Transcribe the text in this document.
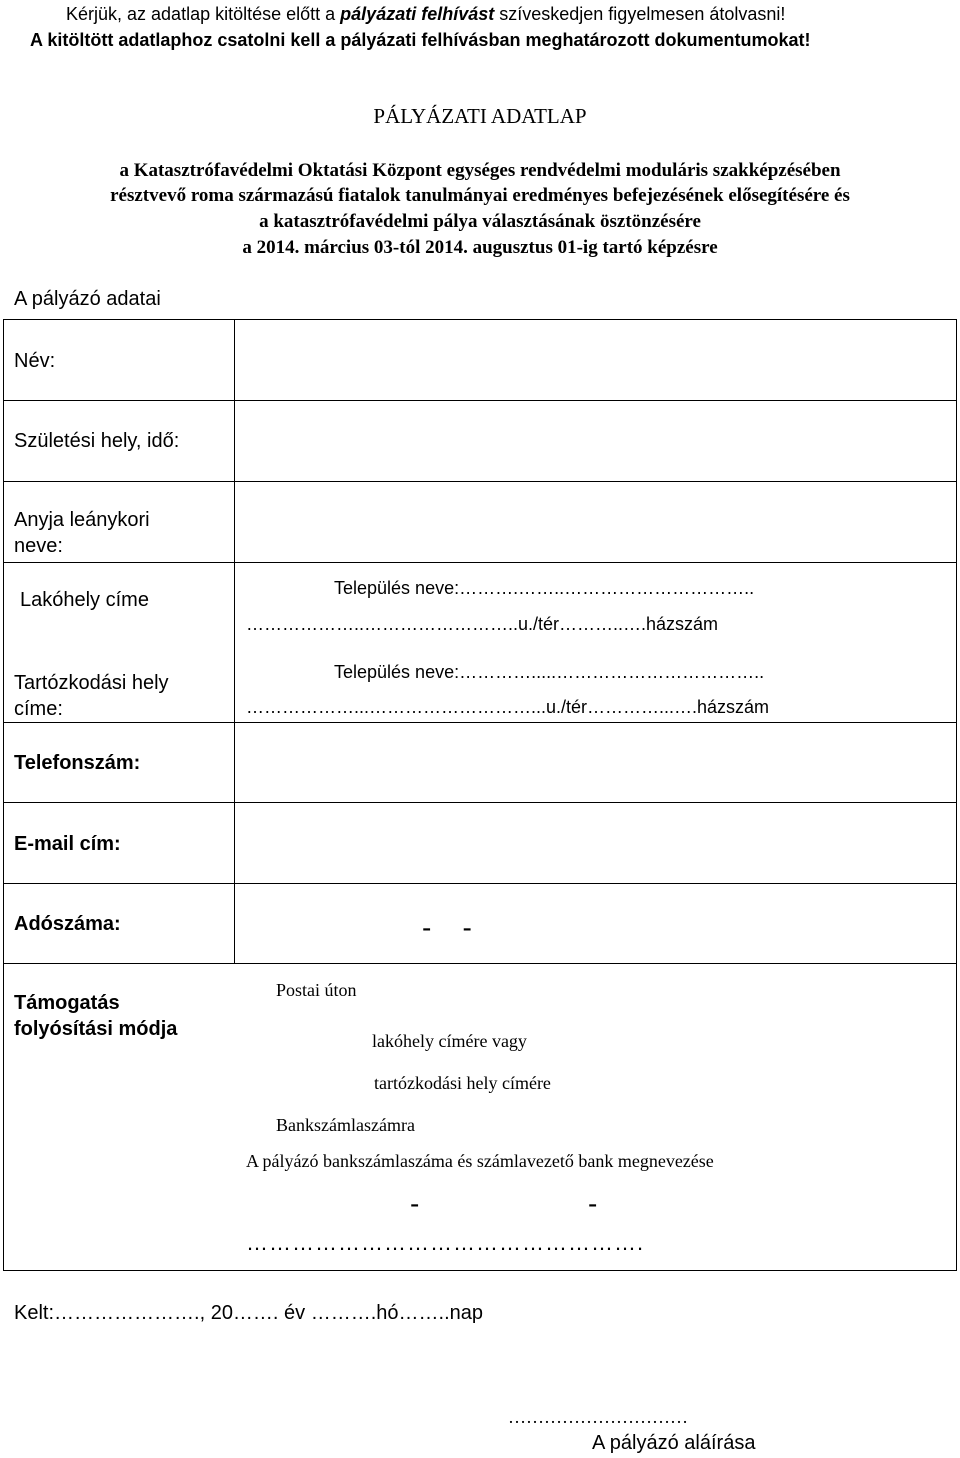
Kérjük, az adatlap kitöltése előtt a pályázati felhívást szíveskedjen figyelmesen átolvasni!
A kitöltött adatlaphoz csatolni kell a pályázati felhívásban meghatározott dokumentumokat!
PÁLYÁZATI ADATLAP
a Katasztrófavédelmi Oktatási Központ egységes rendvédelmi moduláris szakképzésében
résztvevő roma származású fiatalok tanulmányai eredményes befejezésének elősegítésére és
a katasztrófavédelmi pálya választásának ösztönzésére
a 2014. március 03-tól 2014. augusztus 01-ig tartó képzésre
A pályázó adatai
Név:
Születési hely, idő:
Anyja leánykori
neve:
Lakóhely címe
Település neve:……….……..…………………………..
………………..……………………..u./tér………..….házszám
Tartózkodási hely
címe:
Település neve:………….....……………………………..
………………...………………………...u./tér…………...….házszám
Telefonszám:
E-mail cím:
Adószáma:	-    -
Támogatás
folyósítási módja
Postai úton
lakóhely címére vagy
tartózkodási hely címére
Bankszámlaszámra
A pályázó bankszámlaszáma és számlavezető bank megnevezése
-	-
…………………………………………….
Kelt:…………………., 20……. év ……….hó……..nap
…………………………
A pályázó aláírása
